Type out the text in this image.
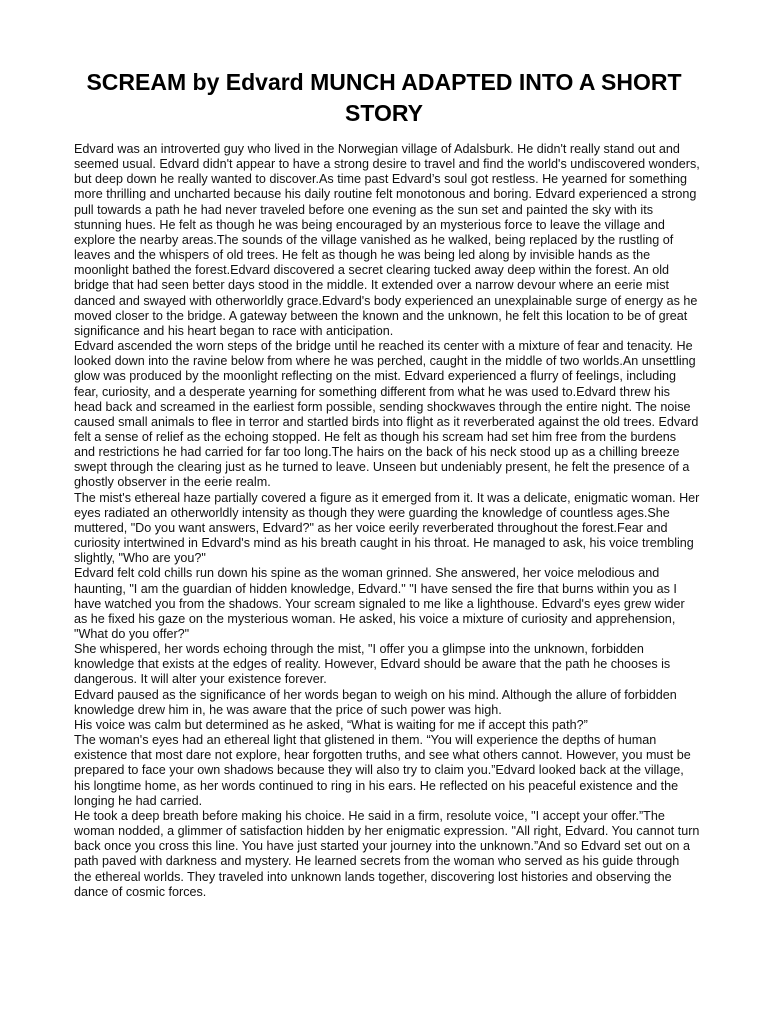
SCREAM by Edvard MUNCH ADAPTED INTO A SHORT STORY

Edvard was an introverted guy who lived in the Norwegian village of Adalsburk. He didn't really stand out and seemed usual. Edvard didn't appear to have a strong desire to travel and find the world's undiscovered wonders, but deep down he really wanted to discover.As time past Edvard’s soul got restless. He yearned for something more thrilling and uncharted because his daily routine felt monotonous and boring. Edvard experienced a strong pull towards a path he had never traveled before one evening as the sun set and painted the sky with its stunning hues. He felt as though he was being encouraged by an mysterious force to leave the village and explore the nearby areas.The sounds of the village vanished as he walked, being replaced by the rustling of leaves and the whispers of old trees. He felt as though he was being led along by invisible hands as the moonlight bathed the forest.Edvard discovered a secret clearing tucked away deep within the forest. An old bridge that had seen better days stood in the middle. It extended over a narrow devour where an eerie mist danced and swayed with otherworldly grace.Edvard's body experienced an unexplainable surge of energy as he moved closer to the bridge. A gateway between the known and the unknown, he felt this location to be of great significance and his heart began to race with anticipation.

Edvard ascended the worn steps of the bridge until he reached its center with a mixture of fear and tenacity. He looked down into the ravine below from where he was perched, caught in the middle of two worlds.An unsettling glow was produced by the moonlight reflecting on the mist. Edvard experienced a flurry of feelings, including fear, curiosity, and a desperate yearning for something different from what he was used to.Edvard threw his head back and screamed in the earliest form possible, sending shockwaves through the entire night. The noise caused small animals to flee in terror and startled birds into flight as it reverberated against the old trees. Edvard felt a sense of relief as the echoing stopped. He felt as though his scream had set him free from the burdens and restrictions he had carried for far too long.The hairs on the back of his neck stood up as a chilling breeze swept through the clearing just as he turned to leave. Unseen but undeniably present, he felt the presence of a ghostly observer in the eerie realm.

The mist's ethereal haze partially covered a figure as it emerged from it. It was a delicate, enigmatic woman. Her eyes radiated an otherworldly intensity as though they were guarding the knowledge of countless ages.She muttered, "Do you want answers, Edvard?" as her voice eerily reverberated throughout the forest.Fear and curiosity intertwined in Edvard's mind as his breath caught in his throat. He managed to ask, his voice trembling slightly, "Who are you?"

Edvard felt cold chills run down his spine as the woman grinned. She answered, her voice melodious and haunting, "I am the guardian of hidden knowledge, Edvard." "I have sensed the fire that burns within you as I have watched you from the shadows. Your scream signaled to me like a lighthouse. Edvard's eyes grew wider as he fixed his gaze on the mysterious woman. He asked, his voice a mixture of curiosity and apprehension, "What do you offer?"

She whispered, her words echoing through the mist, "I offer you a glimpse into the unknown, forbidden knowledge that exists at the edges of reality. However, Edvard should be aware that the path he chooses is dangerous. It will alter your existence forever.

Edvard paused as the significance of her words began to weigh on his mind. Although the allure of forbidden knowledge drew him in, he was aware that the price of such power was high.

His voice was calm but determined as he asked, “What is waiting for me if accept this path?”

The woman's eyes had an ethereal light that glistened in them. “You will experience the depths of human existence that most dare not explore, hear forgotten truths, and see what others cannot. However, you must be prepared to face your own shadows because they will also try to claim you.”Edvard looked back at the village, his longtime home, as her words continued to ring in his ears. He reflected on his peaceful existence and the longing he had carried.

He took a deep breath before making his choice. He said in a firm, resolute voice, "I accept your offer.”The woman nodded, a glimmer of satisfaction hidden by her enigmatic expression. "All right, Edvard. You cannot turn back once you cross this line. You have just started your journey into the unknown.”And so Edvard set out on a path paved with darkness and mystery. He learned secrets from the woman who served as his guide through the ethereal worlds. They traveled into unknown lands together, discovering lost histories and observing the dance of cosmic forces.
